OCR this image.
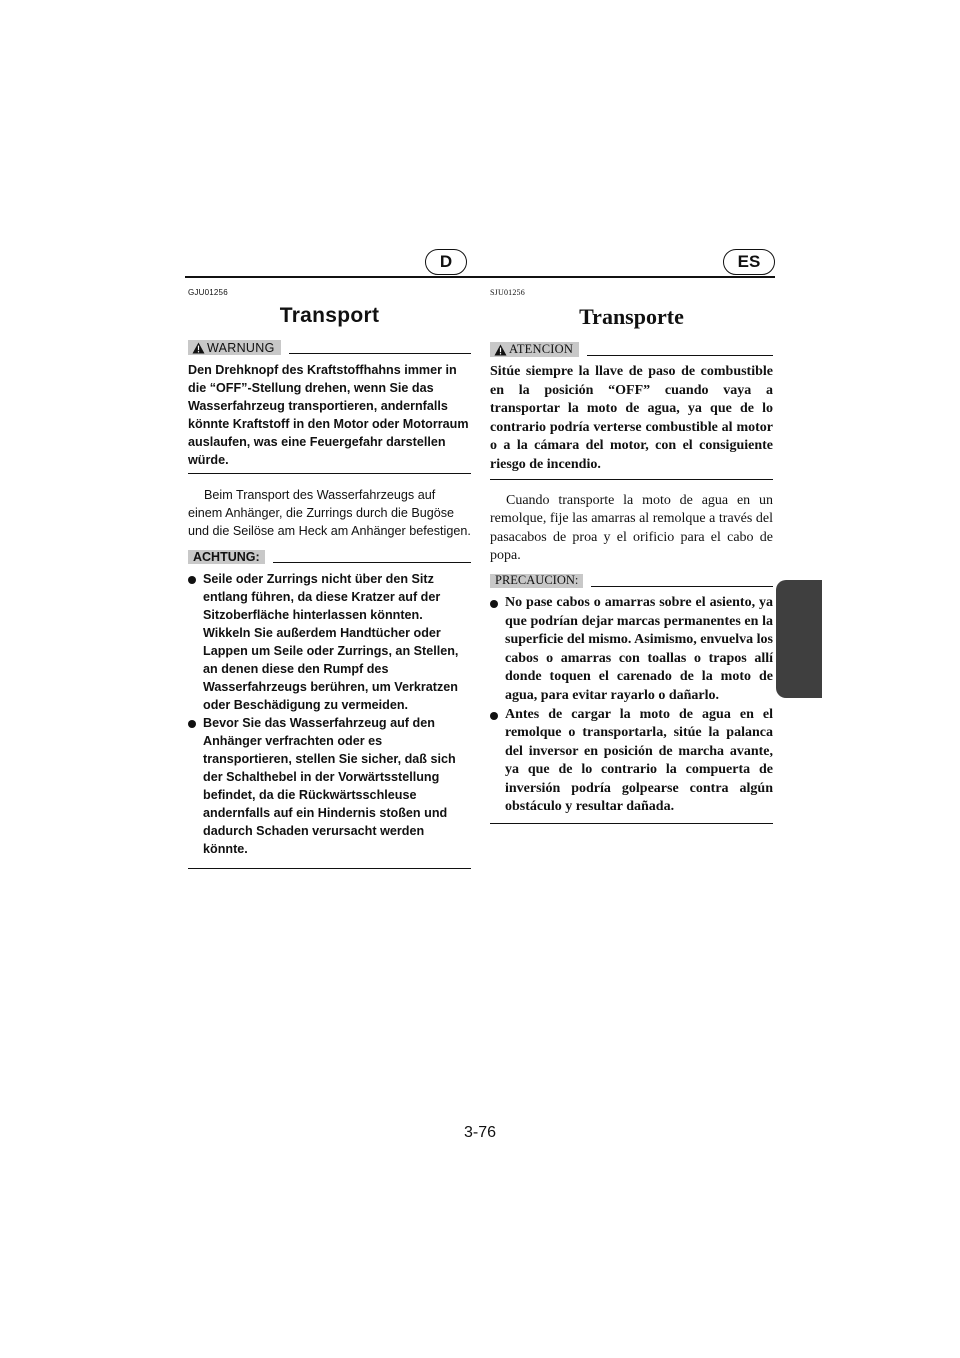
D	ES

GJU01256

Transport
WARNUNG

Den Drehknopf des Kraftstoffhahns immer in die “OFF”-Stellung drehen, wenn Sie das Wasserfahrzeug transportieren, andernfalls könnte Kraftstoff in den Motor oder Motorraum auslaufen, was eine Feuergefahr darstellen würde.

Beim Transport des Wasserfahrzeugs auf einem Anhänger, die Zurrings durch die Bugöse und die Seilöse am Heck am Anhänger befestigen.

ACHTUNG:
Seile oder Zurrings nicht über den Sitz entlang führen, da diese Kratzer auf der Sitzoberfläche hinterlassen könnten. Wikkeln Sie außerdem Handtücher oder Lappen um Seile oder Zurrings, an Stellen, an denen diese den Rumpf des Wasserfahrzeugs berühren, um Verkratzen oder Beschädigung zu vermeiden.
Bevor Sie das Wasserfahrzeug auf den Anhänger verfrachten oder es transportieren, stellen Sie sicher, daß sich der Schalthebel in der Vorwärtsstellung befindet, da die Rückwärtsschleuse andernfalls auf ein Hindernis stoßen und dadurch Schaden verursacht werden könnte.

SJU01256

Transporte
ATENCION

Sitúe siempre la llave de paso de combustible en la posición “OFF” cuando vaya a transportar la moto de agua, ya que de lo contrario podría verterse combustible al motor o a la cámara del motor, con el consiguiente riesgo de incendio.

Cuando transporte la moto de agua en un remolque, fije las amarras al remolque a través del pasacabos de proa y el orificio para el cabo de popa.

PRECAUCION:
No pase cabos o amarras sobre el asiento, ya que podrían dejar marcas permanentes en la superficie del mismo. Asimismo, envuelva los cabos o amarras con toallas o trapos allí donde toquen el carenado de la moto de agua, para evitar rayarlo o dañarlo.
Antes de cargar la moto de agua en el remolque o transportarla, sitúe la palanca del inversor en posición de marcha avante, ya que de lo contrario la compuerta de inversión podría golpearse contra algún obstáculo y resultar dañada.
3-76
